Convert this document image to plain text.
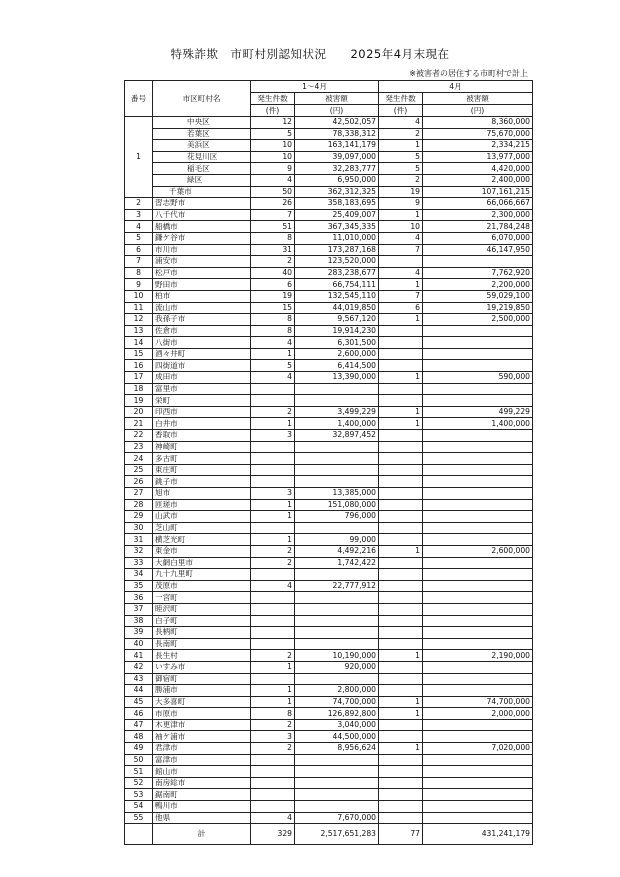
特殊詐欺　市町村別認知状況　　2025年4月末現在
※被害者の居住する市町村で計上
番号	市区町村名	1～4月		4月	
		発生件数	被害額	発生件数	被害額
		(件)	(円)	(件)	(円)
1	中央区	12	42,502,057	4	8,360,000
	若葉区	5	78,338,312	2	75,670,000
	美浜区	10	163,141,179	1	2,334,215
	花見川区	10	39,097,000	5	13,977,000
	稲毛区	9	32,283,777	5	4,420,000
	緑区	4	6,950,000	2	2,400,000
	千葉市	50	362,312,325	19	107,161,215
2	習志野市	26	358,183,695	9	66,066,667
3	八千代市	7	25,409,007	1	2,300,000
4	船橋市	51	367,345,335	10	21,784,248
5	鎌ケ谷市	8	11,010,000	4	6,070,000
6	市川市	31	173,287,168	7	46,147,950
7	浦安市	2	123,520,000		
8	松戸市	40	283,238,677	4	7,762,920
9	野田市	6	66,754,111	1	2,200,000
10	柏市	19	132,545,110	7	59,029,100
11	流山市	15	44,019,850	6	19,219,850
12	我孫子市	8	9,567,120	1	2,500,000
13	佐倉市	8	19,914,230		
14	八街市	4	6,301,500		
15	酒々井町	1	2,600,000		
16	四街道市	5	6,414,500		
17	成田市	4	13,390,000	1	590,000
18	富里市				
19	栄町				
20	印西市	2	3,499,229	1	499,229
21	白井市	1	1,400,000	1	1,400,000
22	香取市	3	32,897,452		
23	神崎町				
24	多古町				
25	東庄町				
26	銚子市				
27	旭市	3	13,385,000		
28	匝瑳市	1	151,080,000		
29	山武市	1	796,000		
30	芝山町				
31	横芝光町	1	99,000		
32	東金市	2	4,492,216	1	2,600,000
33	大網白里市	2	1,742,422		
34	九十九里町				
35	茂原市	4	22,777,912		
36	一宮町				
37	睦沢町				
38	白子町				
39	長柄町				
40	長南町				
41	長生村	2	10,190,000	1	2,190,000
42	いすみ市	1	920,000		
43	御宿町				
44	勝浦市	1	2,800,000		
45	大多喜町	1	74,700,000	1	74,700,000
46	市原市	8	126,892,800	1	2,000,000
47	木更津市	2	3,040,000		
48	袖ケ浦市	3	44,500,000		
49	君津市	2	8,956,624	1	7,020,000
50	富津市				
51	館山市				
52	南房総市				
53	鋸南町				
54	鴨川市				
55	他県	4	7,670,000		
	計	329	2,517,651,283	77	431,241,179
